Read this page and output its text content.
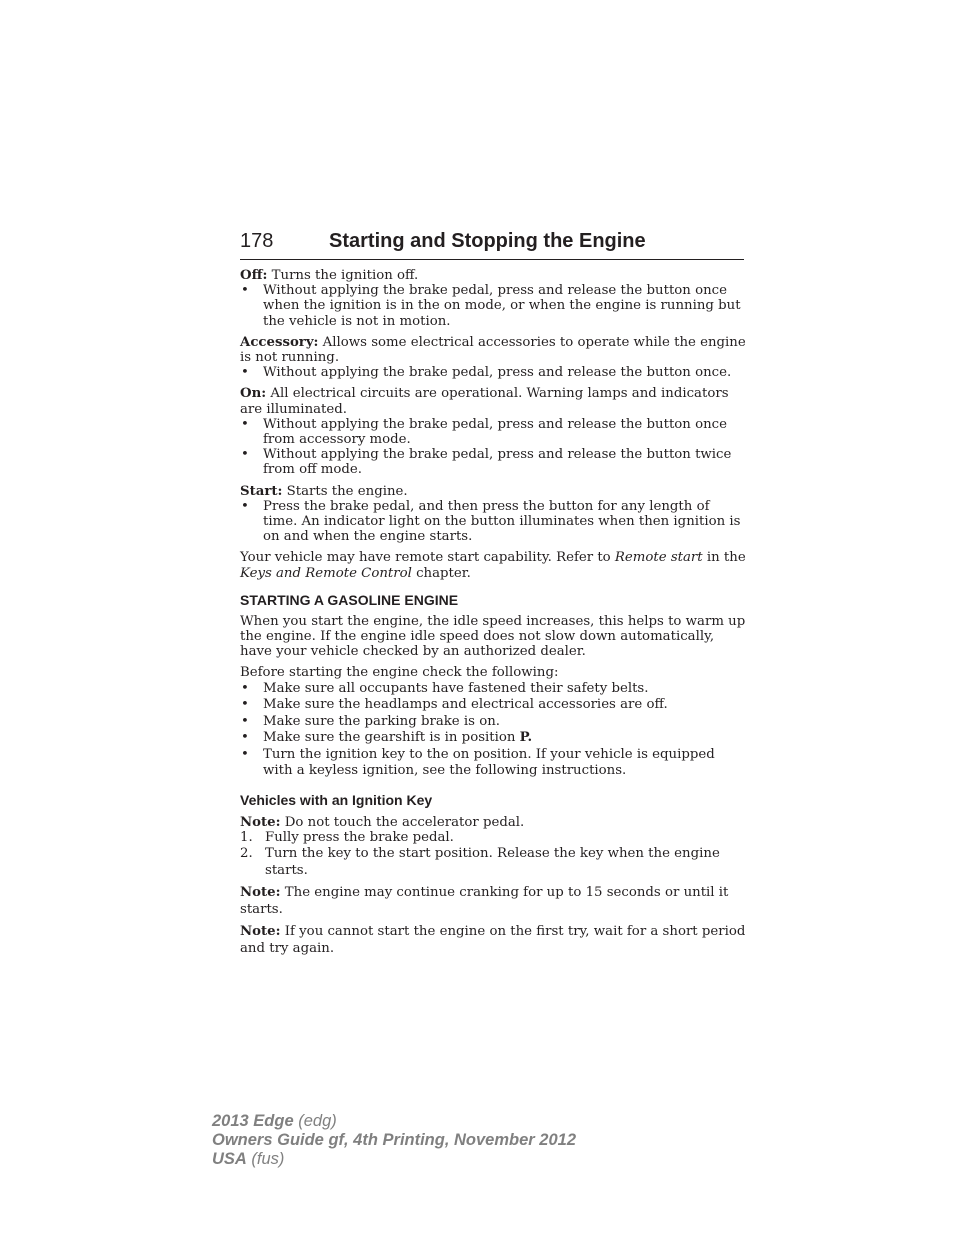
178	Starting and Stopping the Engine

Off: Turns the ignition off.

• Without applying the brake pedal, press and release the button once when the ignition is in the on mode, or when the engine is running but the vehicle is not in motion.

Accessory: Allows some electrical accessories to operate while the engine is not running.

• Without applying the brake pedal, press and release the button once.

On: All electrical circuits are operational. Warning lamps and indicators are illuminated.

• Without applying the brake pedal, press and release the button once from accessory mode.
• Without applying the brake pedal, press and release the button twice from off mode.

Start: Starts the engine.

• Press the brake pedal, and then press the button for any length of time. An indicator light on the button illuminates when then ignition is on and when the engine starts.

Your vehicle may have remote start capability. Refer to Remote start in the Keys and Remote Control chapter.

STARTING A GASOLINE ENGINE

When you start the engine, the idle speed increases, this helps to warm up the engine. If the engine idle speed does not slow down automatically, have your vehicle checked by an authorized dealer.

Before starting the engine check the following:

• Make sure all occupants have fastened their safety belts.
• Make sure the headlamps and electrical accessories are off.
• Make sure the parking brake is on.
• Make sure the gearshift is in position P.
• Turn the ignition key to the on position. If your vehicle is equipped with a keyless ignition, see the following instructions.
Vehicles with an Ignition Key

Note: Do not touch the accelerator pedal.

1. Fully press the brake pedal.
2. Turn the key to the start position. Release the key when the engine starts.

Note: The engine may continue cranking for up to 15 seconds or until it starts.

Note: If you cannot start the engine on the first try, wait for a short period and try again.

2013 Edge (edg)
Owners Guide gf, 4th Printing, November 2012
USA (fus)
